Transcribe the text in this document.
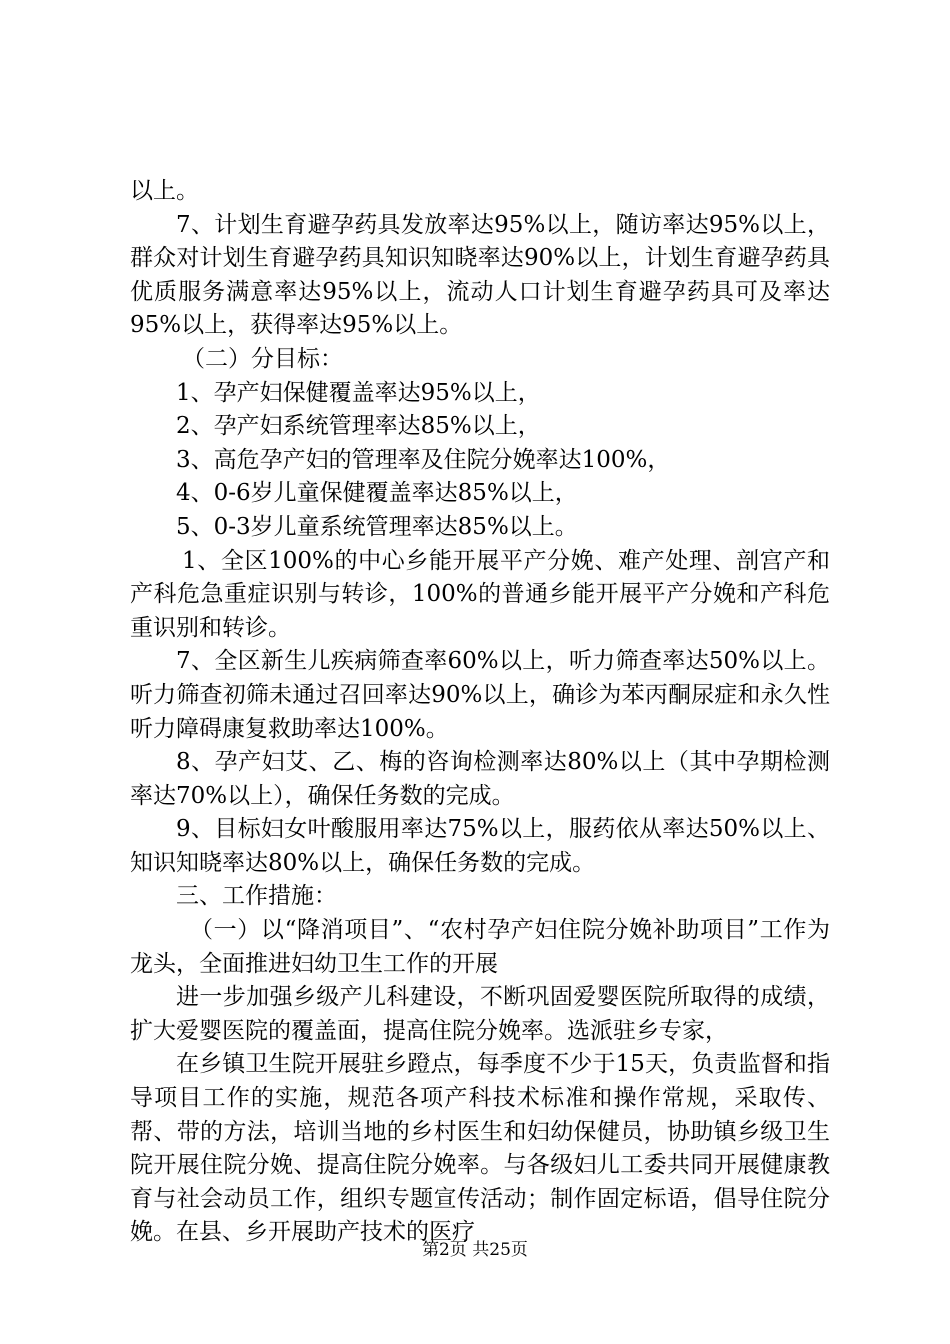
以上。

7、计划生育避孕药具发放率达95%以上，随访率达95%以上，群众对计划生育避孕药具知识知晓率达90%以上，计划生育避孕药具优质服务满意率达95%以上，流动人口计划生育避孕药具可及率达95%以上，获得率达95%以上。

（二）分目标：

1、孕产妇保健覆盖率达95%以上，

2、孕产妇系统管理率达85%以上，

3、高危孕产妇的管理率及住院分娩率达100%，

4、0-6岁儿童保健覆盖率达85%以上，

5、0-3岁儿童系统管理率达85%以上。

1、全区100%的中心乡能开展平产分娩、难产处理、剖宫产和产科危急重症识别与转诊，100%的普通乡能开展平产分娩和产科危重识别和转诊。

7、全区新生儿疾病筛查率60%以上，听力筛查率达50%以上。听力筛查初筛未通过召回率达90%以上，确诊为苯丙酮尿症和永久性听力障碍康复救助率达100%。

8、孕产妇艾、乙、梅的咨询检测率达80%以上（其中孕期检测率达70%以上），确保任务数的完成。

9、目标妇女叶酸服用率达75%以上，服药依从率达50%以上、知识知晓率达80%以上，确保任务数的完成。

三、工作措施：

（一）以“降消项目”、“农村孕产妇住院分娩补助项目”工作为龙头，全面推进妇幼卫生工作的开展

进一步加强乡级产儿科建设，不断巩固爱婴医院所取得的成绩，扩大爱婴医院的覆盖面，提高住院分娩率。选派驻乡专家，

在乡镇卫生院开展驻乡蹬点，每季度不少于15天，负责监督和指导项目工作的实施，规范各项产科技术标准和操作常规，采取传、帮、带的方法，培训当地的乡村医生和妇幼保健员，协助镇乡级卫生院开展住院分娩、提高住院分娩率。与各级妇儿工委共同开展健康教育与社会动员工作，组织专题宣传活动；制作固定标语，倡导住院分娩。在县、乡开展助产技术的医疗

第2页 共25页
